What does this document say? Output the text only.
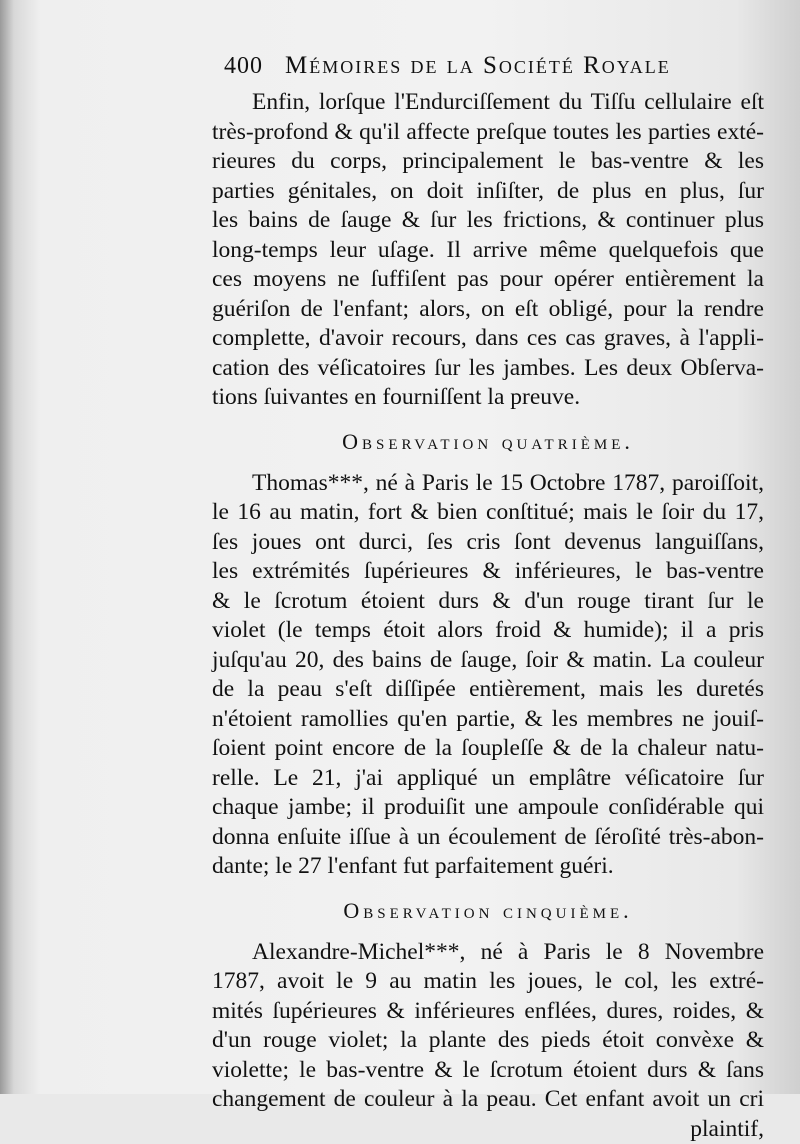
400 Mémoires de la Société Royale

Enfin, lorſque l'Endurciſſement du Tiſſu cellulaire eſt
très-profond & qu'il affecte preſque toutes les parties exté-
rieures du corps, principalement le bas-ventre & les
parties génitales, on doit inſiſter, de plus en plus, ſur
les bains de ſauge & ſur les frictions, & continuer plus
long-temps leur uſage. Il arrive même quelquefois que
ces moyens ne ſuffiſent pas pour opérer entièrement la
guériſon de l'enfant; alors, on eſt obligé, pour la rendre
complette, d'avoir recours, dans ces cas graves, à l'appli-
cation des véſicatoires ſur les jambes. Les deux Obſerva-
tions ſuivantes en fourniſſent la preuve.

Observation quatrième.

Thomas***, né à Paris le 15 Octobre 1787, paroiſſoit,
le 16 au matin, fort & bien conſtitué; mais le ſoir du 17,
ſes joues ont durci, ſes cris ſont devenus languiſſans,
les extrémités ſupérieures & inférieures, le bas-ventre
& le ſcrotum étoient durs & d'un rouge tirant ſur le
violet (le temps étoit alors froid & humide); il a pris
juſqu'au 20, des bains de ſauge, ſoir & matin. La couleur
de la peau s'eſt diſſipée entièrement, mais les duretés
n'étoient ramollies qu'en partie, & les membres ne jouiſ-
ſoient point encore de la ſoupleſſe & de la chaleur natu-
relle. Le 21, j'ai appliqué un emplâtre véſicatoire ſur
chaque jambe; il produiſit une ampoule conſidérable qui
donna enſuite iſſue à un écoulement de ſéroſité très-abon-
dante; le 27 l'enfant fut parfaitement guéri.

Observation cinquième.

Alexandre-Michel***, né à Paris le 8 Novembre
1787, avoit le 9 au matin les joues, le col, les extré-
mités ſupérieures & inférieures enflées, dures, roides, &
d'un rouge violet; la plante des pieds étoit convèxe &
violette; le bas-ventre & le ſcrotum étoient durs & ſans
changement de couleur à la peau. Cet enfant avoit un cri

plaintif,
